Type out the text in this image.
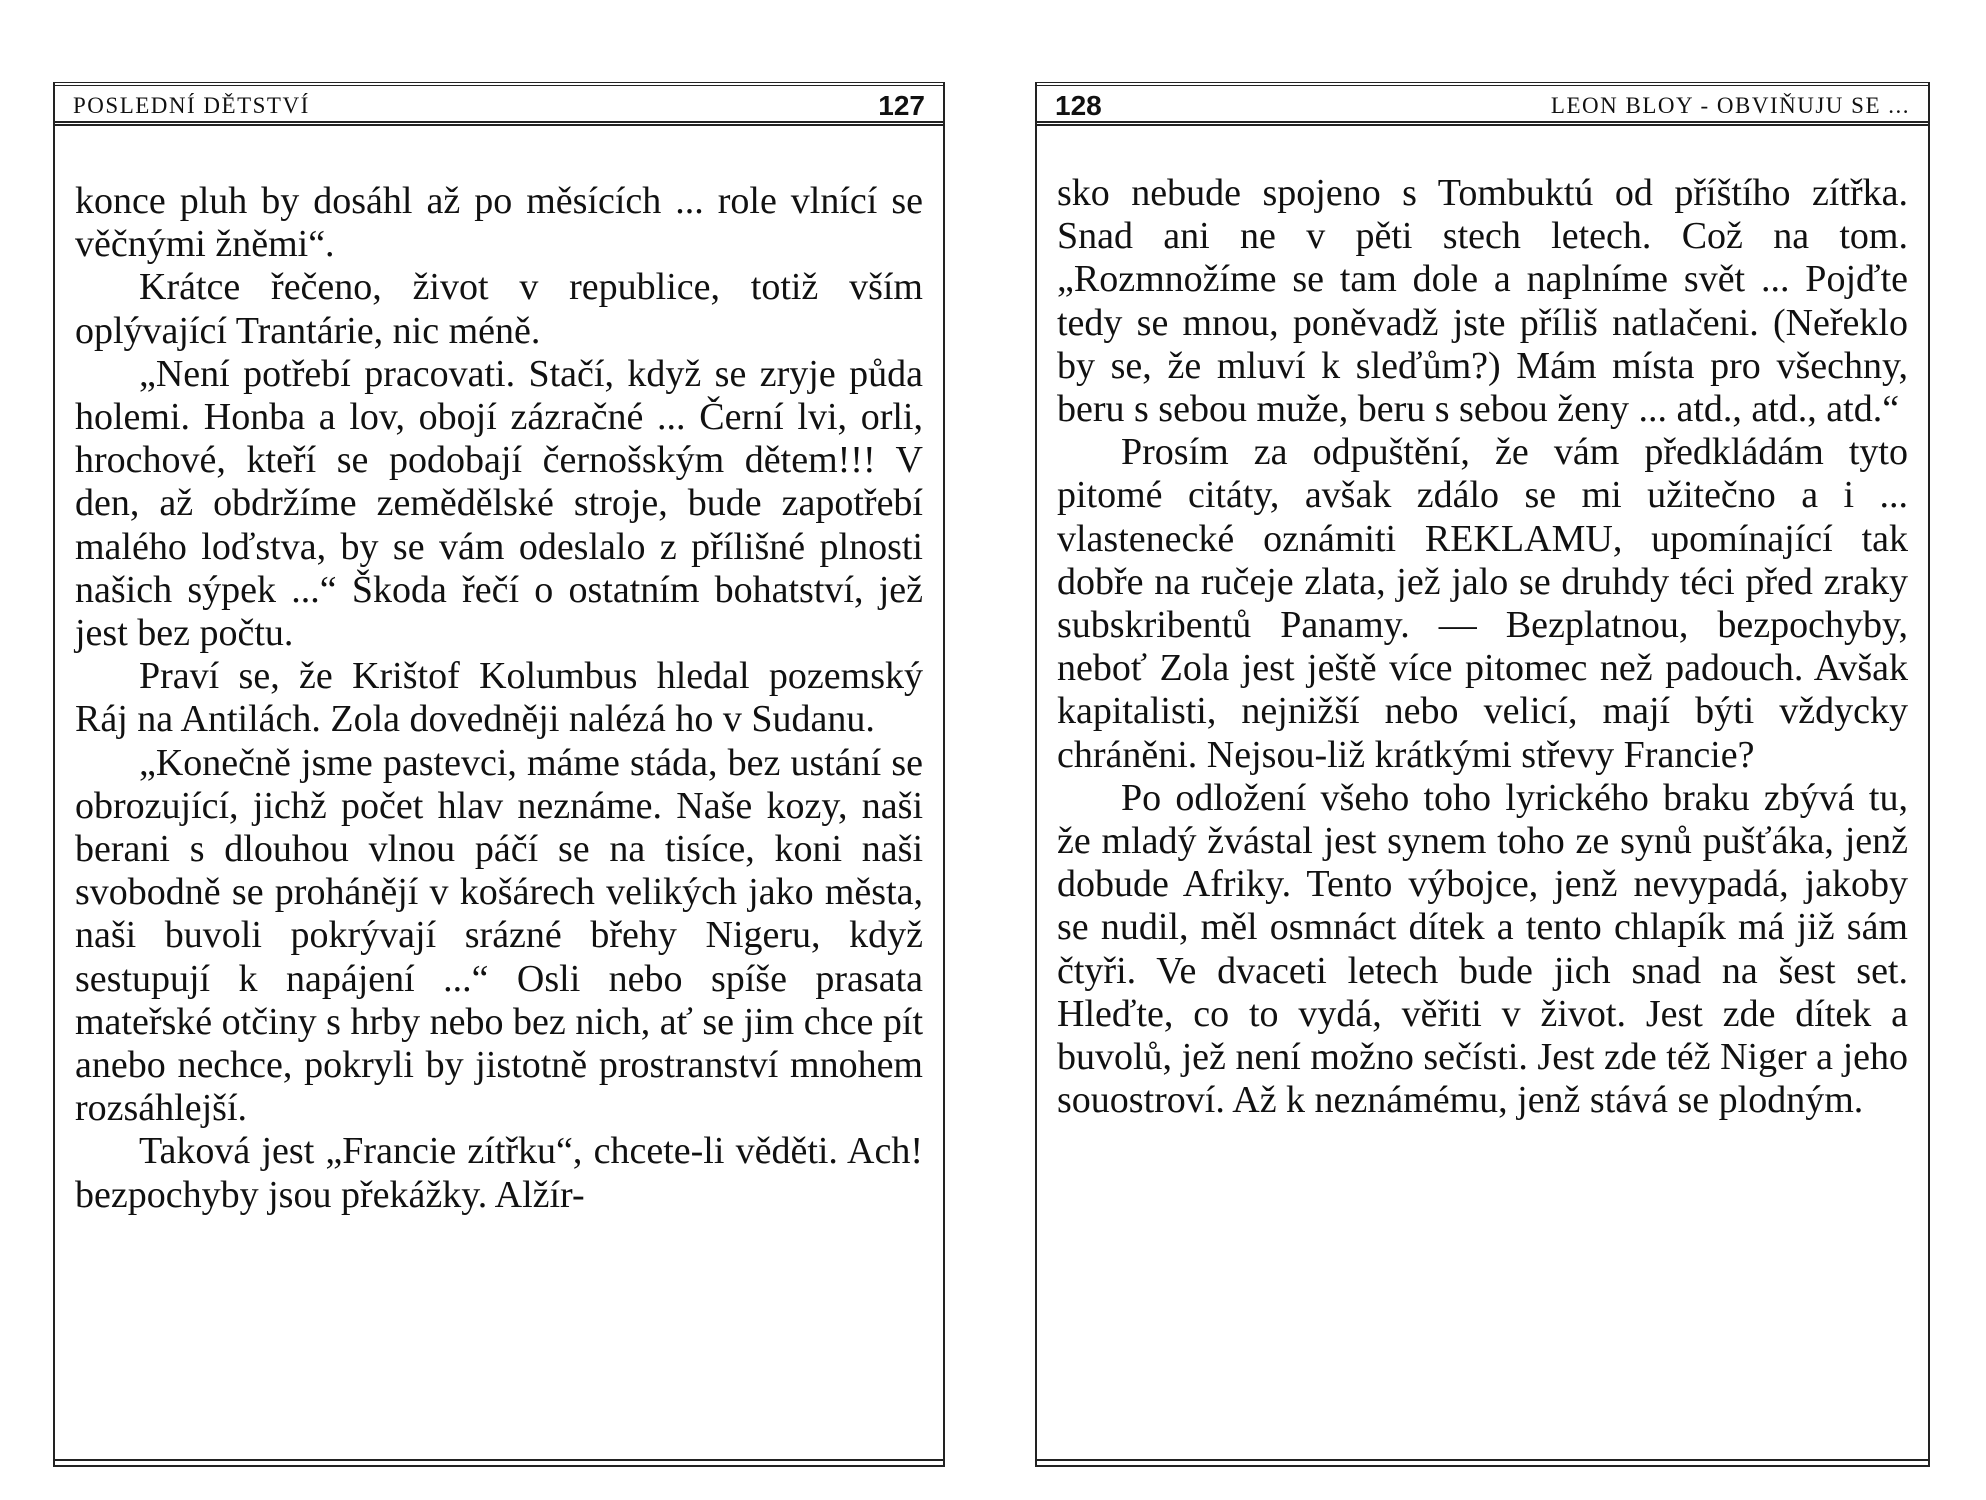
POSLEDNÍ DĚTSTVÍ	127

konce pluh by dosáhl až po měsících ... role vlnící se věčnými žněmi“.

Krátce řečeno, život v republice, totiž vším oplývající Trantárie, nic méně.

„Není potřebí pracovati. Stačí, když se zryje půda holemi. Honba a lov, obojí zázračné ... Černí lvi, orli, hrochové, kteří se podobají černošským dětem!!! V den, až obdržíme zemědělské stroje, bude zapotřebí malého loďstva, by se vám odeslalo z přílišné plnosti našich sýpek ...“ Škoda řečí o ostatním bohatství, jež jest bez počtu.

Praví se, že Krištof Kolumbus hledal pozemský Ráj na Antilách. Zola dovedněji nalézá ho v Sudanu.

„Konečně jsme pastevci, máme stáda, bez ustání se obrozující, jichž počet hlav neznáme. Naše kozy, naši berani s dlouhou vlnou páčí se na tisíce, koni naši svobodně se prohánějí v košárech velikých jako města, naši buvoli pokrývají srázné břehy Nigeru, když sestupují k napájení ...“ Osli nebo spíše prasata mateřské otčiny s hrby nebo bez nich, ať se jim chce pít anebo nechce, pokryli by jistotně prostranství mnohem rozsáhlejší.

Taková jest „Francie zítřku“, chcete-li věděti. Ach! bezpochyby jsou překážky. Alžír-

128	LEON BLOY - OBVIŇUJU SE ...

sko nebude spojeno s Tombuktú od příštího zítřka. Snad ani ne v pěti stech letech. Což na tom. „Rozmnožíme se tam dole a naplníme svět ... Pojďte tedy se mnou, poněvadž jste příliš natlačeni. (Neřeklo by se, že mluví k sleďům?) Mám místa pro všechny, beru s sebou muže, beru s sebou ženy ... atd., atd., atd.“

Prosím za odpuštění, že vám předkládám tyto pitomé citáty, avšak zdálo se mi užitečno a i ... vlastenecké oznámiti REKLAMU, upomínající tak dobře na ručeje zlata, jež jalo se druhdy téci před zraky subskribentů Panamy. — Bezplatnou, bezpochyby, neboť Zola jest ještě více pitomec než padouch. Avšak kapitalisti, nejnižší nebo velicí, mají býti vždycky chráněni. Nejsou-liž krátkými střevy Francie?

Po odložení všeho toho lyrického braku zbývá tu, že mladý žvástal jest synem toho ze synů pušťáka, jenž dobude Afriky. Tento výbojce, jenž nevypadá, jakoby se nudil, měl osmnáct dítek a tento chlapík má již sám čtyři. Ve dvaceti letech bude jich snad na šest set. Hleďte, co to vydá, věřiti v život. Jest zde dítek a buvolů, jež není možno sečísti. Jest zde též Niger a jeho souostroví. Až k neznámému, jenž stává se plodným.
